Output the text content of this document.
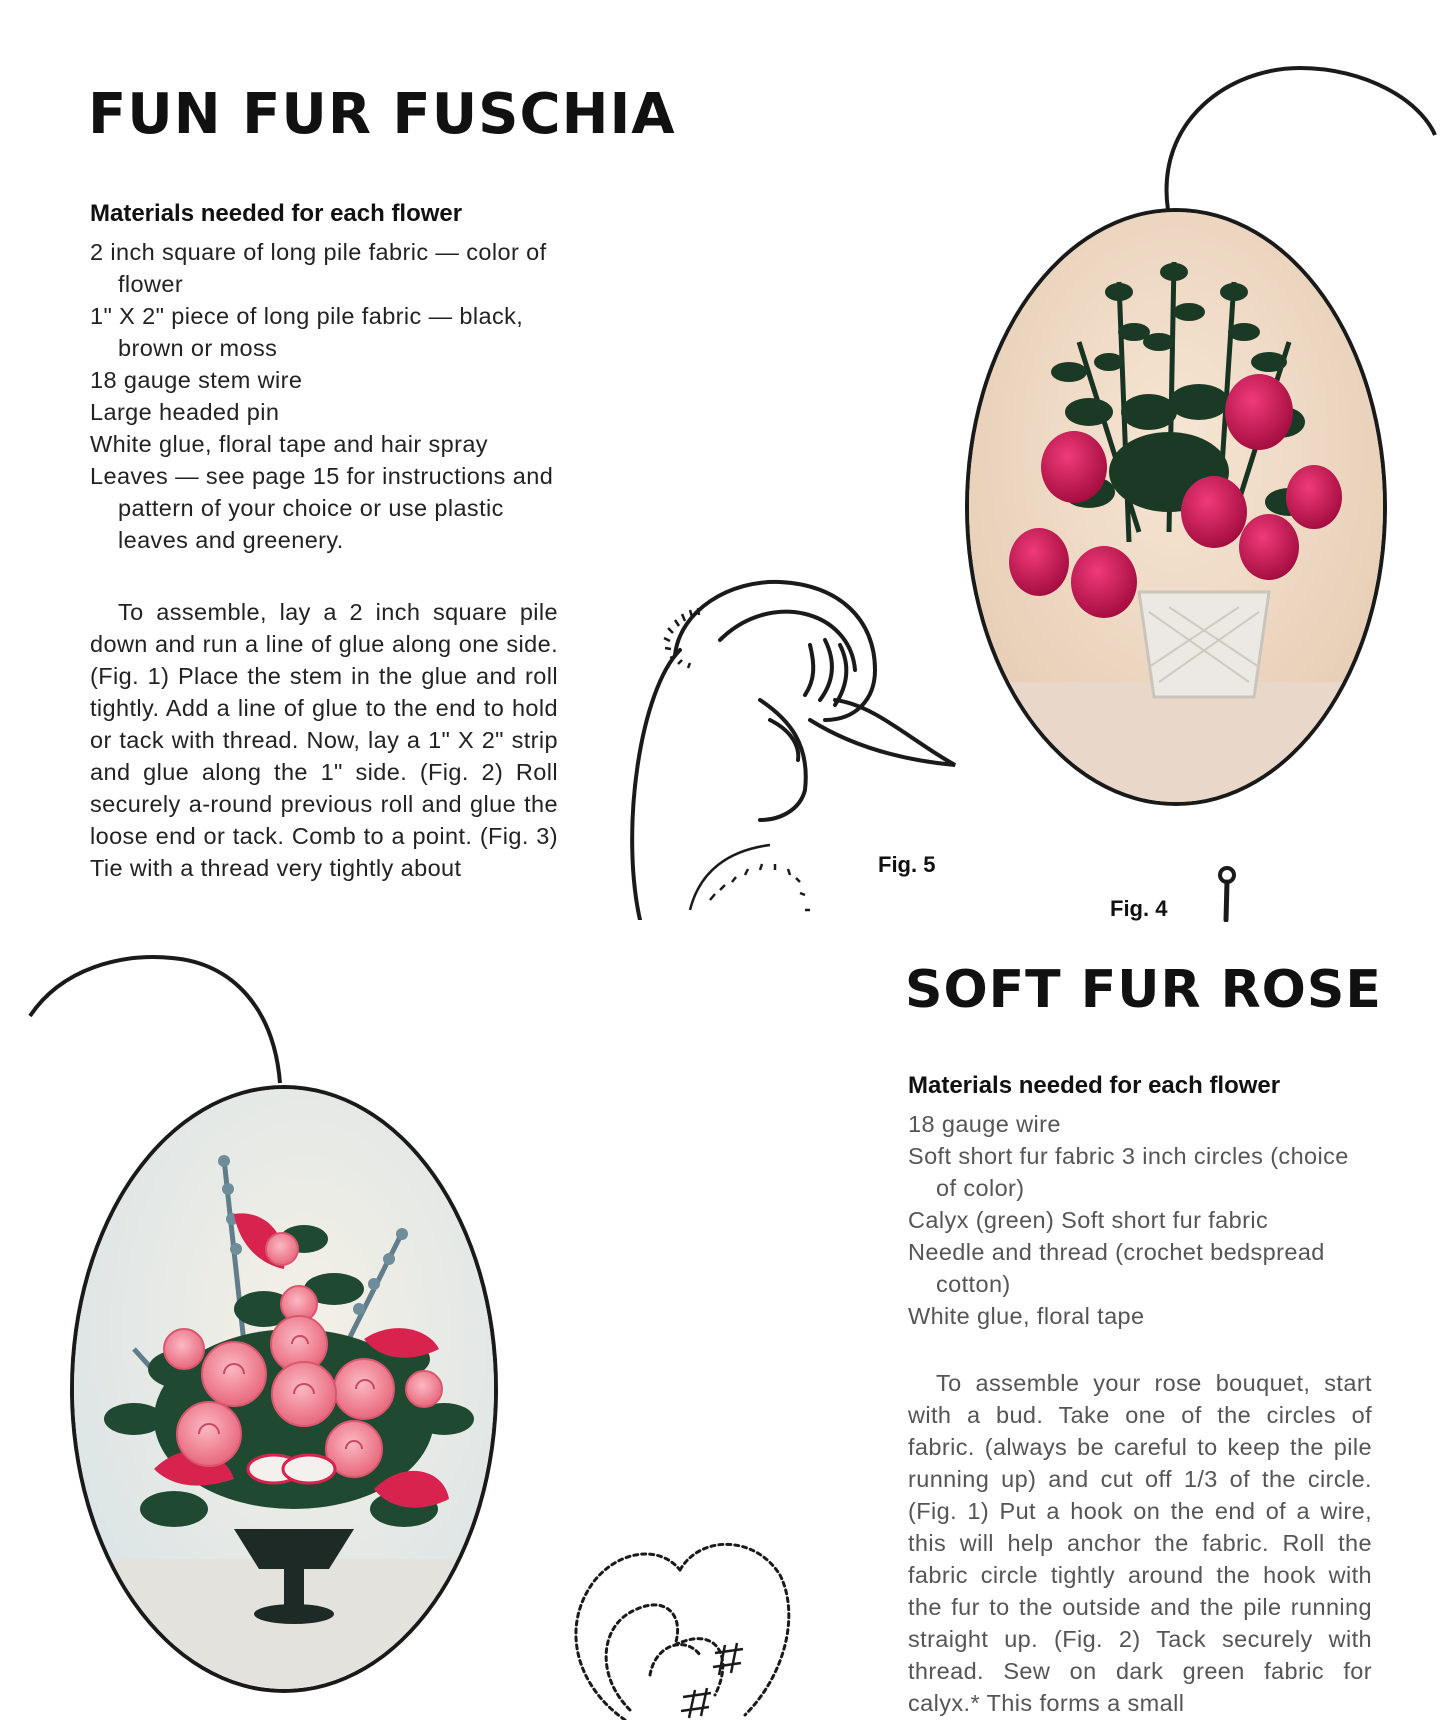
FUN FUR FUSCHIA

Materials needed for each flower

2 inch square of long pile fabric — color of flower
1" X 2" piece of long pile fabric — black, brown or moss
18 gauge stem wire
Large headed pin
White glue, floral tape and hair spray
Leaves — see page 15 for instructions and pattern of your choice or use plastic leaves and greenery.

To assemble, lay a 2 inch square pile down and run a line of glue along one side. (Fig. 1) Place the stem in the glue and roll tightly. Add a line of glue to the end to hold or tack with thread. Now, lay a 1" X 2" strip and glue along the 1" side. (Fig. 2) Roll securely a-round previous roll and glue the loose end or tack. Comb to a point. (Fig. 3) Tie with a thread very tightly about	Fig. 5
Fig. 4
SOFT FUR ROSE

Materials needed for each flower

18 gauge wire
Soft short fur fabric 3 inch circles (choice of color)
Calyx (green) Soft short fur fabric
Needle and thread (crochet bedspread cotton)
White glue, floral tape

To assemble your rose bouquet, start with a bud. Take one of the circles of fabric. (always be careful to keep the pile running up) and cut off 1/3 of the circle. (Fig. 1) Put a hook on the end of a wire, this will help anchor the fabric. Roll the fabric circle tightly around the hook with the fur to the outside and the pile running straight up. (Fig. 2) Tack securely with thread. Sew on dark green fabric for calyx.* This forms a small
